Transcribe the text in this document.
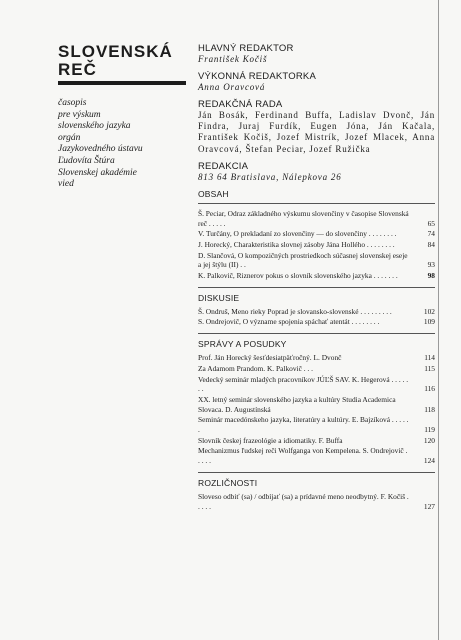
SLOVENSKÁ
REČ
časopis
pre výskum
slovenského jazyka
orgán
Jazykovedného ústavu
Ľudovíta Štúra
Slovenskej akadémie
vied
HLAVNÝ REDAKTOR
František Kočiš
VÝKONNÁ REDAKTORKA
Anna Oravcová
REDAKČNÁ RADA
Ján Bosák, Ferdinand Buffa, Ladislav Dvonč, Ján Findra, Juraj Furdík, Eugen Jóna, Ján Kačala, František Kočiš, Jozef Mistrík, Jozef Mlacek, Anna Oravcová, Štefan Peciar, Jozef Ružička
REDAKCIA
813 64 Bratislava, Nálepkova 26
OBSAH
Š. Peciar, Odraz základného výskumu slovenčiny v časopise Slovenská reč . . . . .	65
V. Turčány, O prekladaní zo slovenčiny — do slovenčiny . . . . . . . .	74
J. Horecký, Charakteristika slovnej zásoby Jána Hollého . . . . . . . .	84
D. Slančová, O kompozičných prostriedkoch súčasnej slovenskej eseje a jej štýlu (II) . .	93
K. Palkovič, Riznerov pokus o slovník slovenského jazyka . . . . . . .	98
DISKUSIE
Š. Ondruš, Meno rieky Poprad je slovansko-slovenské . . . . . . . . .	102
S. Ondrejovič, O význame spojenia spáchať atentát . . . . . . . .	109
SPRÁVY A POSUDKY
Prof. Ján Horecký šesťdesiatpäťročný. L. Dvonč	114
Za Adamom Prandom. K. Palkovič . . .	115
Vedecký seminár mladých pracovníkov JÚĽŠ SAV. K. Hegerová . . . . . . .	116
XX. letný seminár slovenského jazyka a kultúry Studia Academica Slovaca. D. Augustínská	118
Seminár macedónskeho jazyka, literatúry a kultúry. E. Bajzíková . . . . . .	119
Slovník českej frazeológie a idiomatiky. F. Buffa	120
Mechanizmus ľudskej reči Wolfganga von Kempelena. S. Ondrejovič . . . . .	124
ROZLIČNOSTI
Sloveso odbiť (sa) / odbíjať (sa) a prídavné meno neodbytný. F. Kočiš . . . . .	127
